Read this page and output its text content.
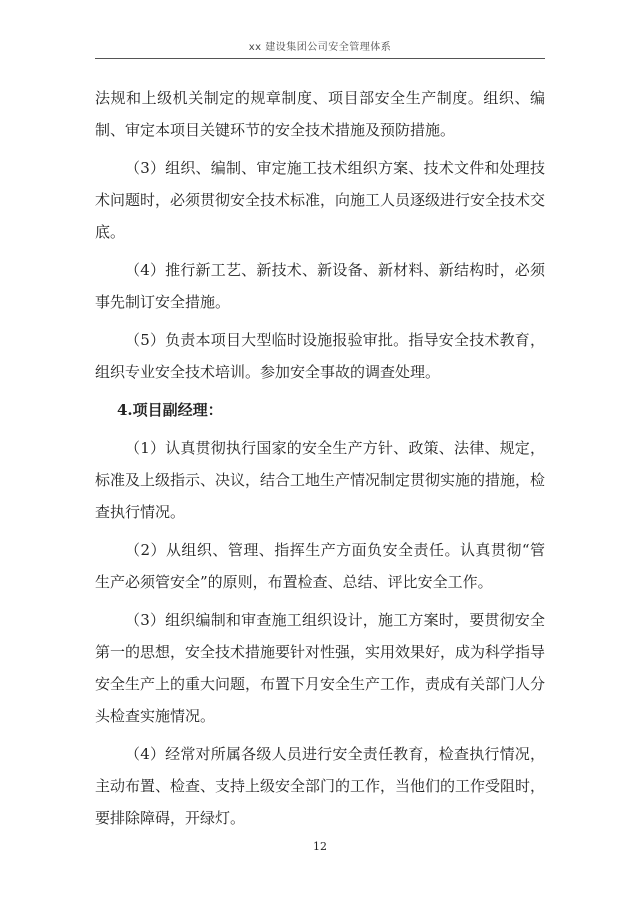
xx 建设集团公司安全管理体系

法规和上级机关制定的规章制度、项目部安全生产制度。组织、编制、审定本项目关键环节的安全技术措施及预防措施。

（3）组织、编制、审定施工技术组织方案、技术文件和处理技术问题时，必须贯彻安全技术标准，向施工人员逐级进行安全技术交底。

（4）推行新工艺、新技术、新设备、新材料、新结构时，必须事先制订安全措施。

（5）负责本项目大型临时设施报验审批。指导安全技术教育，组织专业安全技术培训。参加安全事故的调查处理。

4.项目副经理：

（1）认真贯彻执行国家的安全生产方针、政策、法律、规定，标准及上级指示、决议，结合工地生产情况制定贯彻实施的措施，检查执行情况。

（2）从组织、管理、指挥生产方面负安全责任。认真贯彻“管生产必须管安全”的原则，布置检查、总结、评比安全工作。

（3）组织编制和审查施工组织设计，施工方案时，要贯彻安全第一的思想，安全技术措施要针对性强，实用效果好，成为科学指导安全生产上的重大问题，布置下月安全生产工作，责成有关部门人分头检查实施情况。

（4）经常对所属各级人员进行安全责任教育，检查执行情况，主动布置、检查、支持上级安全部门的工作，当他们的工作受阻时，要排除障碍，开绿灯。

12
